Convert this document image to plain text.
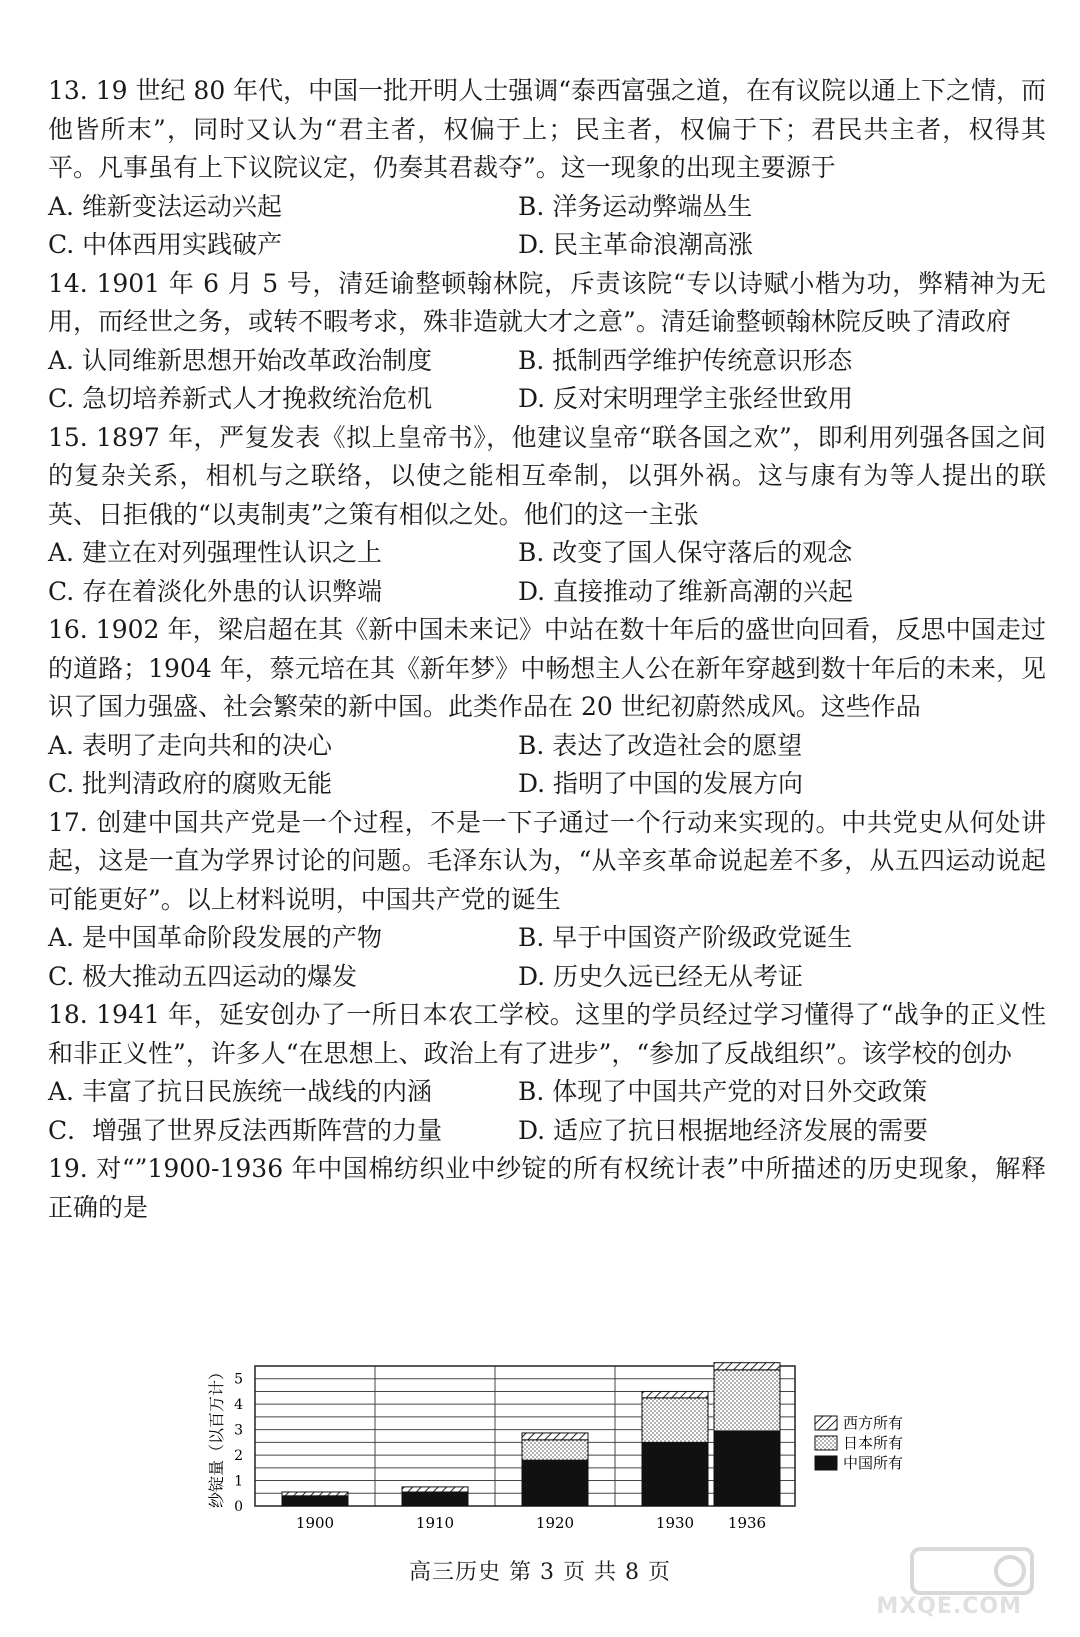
13. 19 世纪 80 年代，中国一批开明人士强调“泰西富强之道，在有议院以通上下之情，而他皆所末”，同时又认为“君主者，权偏于上；民主者，权偏于下；君民共主者，权得其平。凡事虽有上下议院议定，仍奏其君裁夺”。这一现象的出现主要源于

A. 维新变法运动兴起	B. 洋务运动弊端丛生
C. 中体西用实践破产	D. 民主革命浪潮高涨

14. 1901 年 6 月 5 号，清廷谕整顿翰林院，斥责该院“专以诗赋小楷为功，弊精神为无用，而经世之务，或转不暇考求，殊非造就大才之意”。清廷谕整顿翰林院反映了清政府

A. 认同维新思想开始改革政治制度	B. 抵制西学维护传统意识形态
C. 急切培养新式人才挽救统治危机	D. 反对宋明理学主张经世致用

15. 1897 年，严复发表《拟上皇帝书》，他建议皇帝“联各国之欢”，即利用列强各国之间的复杂关系，相机与之联络，以使之能相互牵制，以弭外祸。这与康有为等人提出的联英、日拒俄的“以夷制夷”之策有相似之处。他们的这一主张

A. 建立在对列强理性认识之上	B. 改变了国人保守落后的观念
C. 存在着淡化外患的认识弊端	D. 直接推动了维新高潮的兴起

16. 1902 年，梁启超在其《新中国未来记》中站在数十年后的盛世向回看，反思中国走过的道路；1904 年，蔡元培在其《新年梦》中畅想主人公在新年穿越到数十年后的未来，见识了国力强盛、社会繁荣的新中国。此类作品在 20 世纪初蔚然成风。这些作品

A. 表明了走向共和的决心	B. 表达了改造社会的愿望
C. 批判清政府的腐败无能	D. 指明了中国的发展方向

17. 创建中国共产党是一个过程，不是一下子通过一个行动来实现的。中共党史从何处讲起，这是一直为学界讨论的问题。毛泽东认为，“从辛亥革命说起差不多，从五四运动说起可能更好”。以上材料说明，中国共产党的诞生

A. 是中国革命阶段发展的产物	B. 早于中国资产阶级政党诞生
C. 极大推动五四运动的爆发	D. 历史久远已经无从考证

18. 1941 年，延安创办了一所日本农工学校。这里的学员经过学习懂得了“战争的正义性和非正义性”，许多人“在思想上、政治上有了进步”，“参加了反战组织”。该学校的创办

A. 丰富了抗日民族统一战线的内涵	B. 体现了中国共产党的对日外交政策
C．增强了世界反法西斯阵营的力量	D. 适应了抗日根据地经济发展的需要

19. 对“”1900-1936 年中国棉纺织业中纱锭的所有权统计表”中所描述的历史现象，解释正确的是

0
1
2
3
4
5
纱锭量（以百万计）
1900	1910	1920	1930 1936
西方所有
日本所有
中国所有
高三历史 第 3 页 共 8 页
MXQE.COM
